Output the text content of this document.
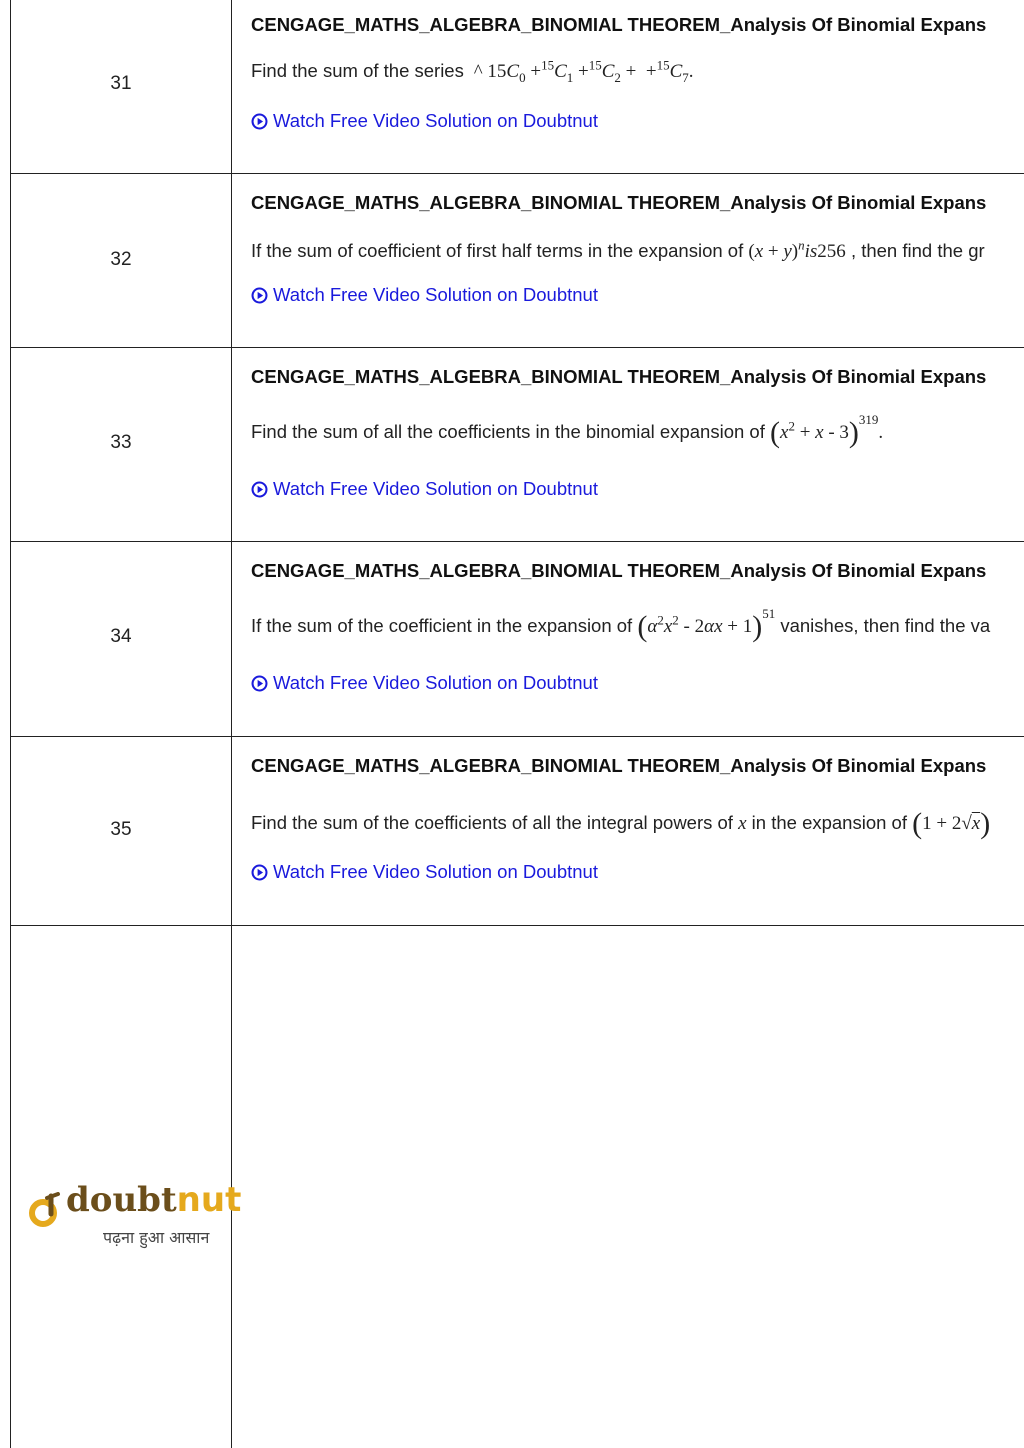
31
CENGAGE_MATHS_ALGEBRA_BINOMIAL THEOREM_Analysis Of Binomial Expans
Find the sum of the series ^ $15C_0 +^{15}C_1 +^{15}C_2 + +^{15}C_7$.
Watch Free Video Solution on Doubtnut
32
CENGAGE_MATHS_ALGEBRA_BINOMIAL THEOREM_Analysis Of Binomial Expans
If the sum of coefficient of first half terms in the expansion of $(x + y)^nis256$ , then find the gr
Watch Free Video Solution on Doubtnut
33
CENGAGE_MATHS_ALGEBRA_BINOMIAL THEOREM_Analysis Of Binomial Expans
Find the sum of all the coefficients in the binomial expansion of $(x^2 + x - 3)^{319}$.
Watch Free Video Solution on Doubtnut
34
CENGAGE_MATHS_ALGEBRA_BINOMIAL THEOREM_Analysis Of Binomial Expans
If the sum of the coefficient in the expansion of $(\alpha^2x^2 - 2\alpha x + 1)^{51}$ vanishes, then find the va
Watch Free Video Solution on Doubtnut
35
CENGAGE_MATHS_ALGEBRA_BINOMIAL THEOREM_Analysis Of Binomial Expans
Find the sum of the coefficients of all the integral powers of x in the expansion of (1 + 2√x)
Watch Free Video Solution on Doubtnut
doubtnut
पढ़ना हुआ आसान
